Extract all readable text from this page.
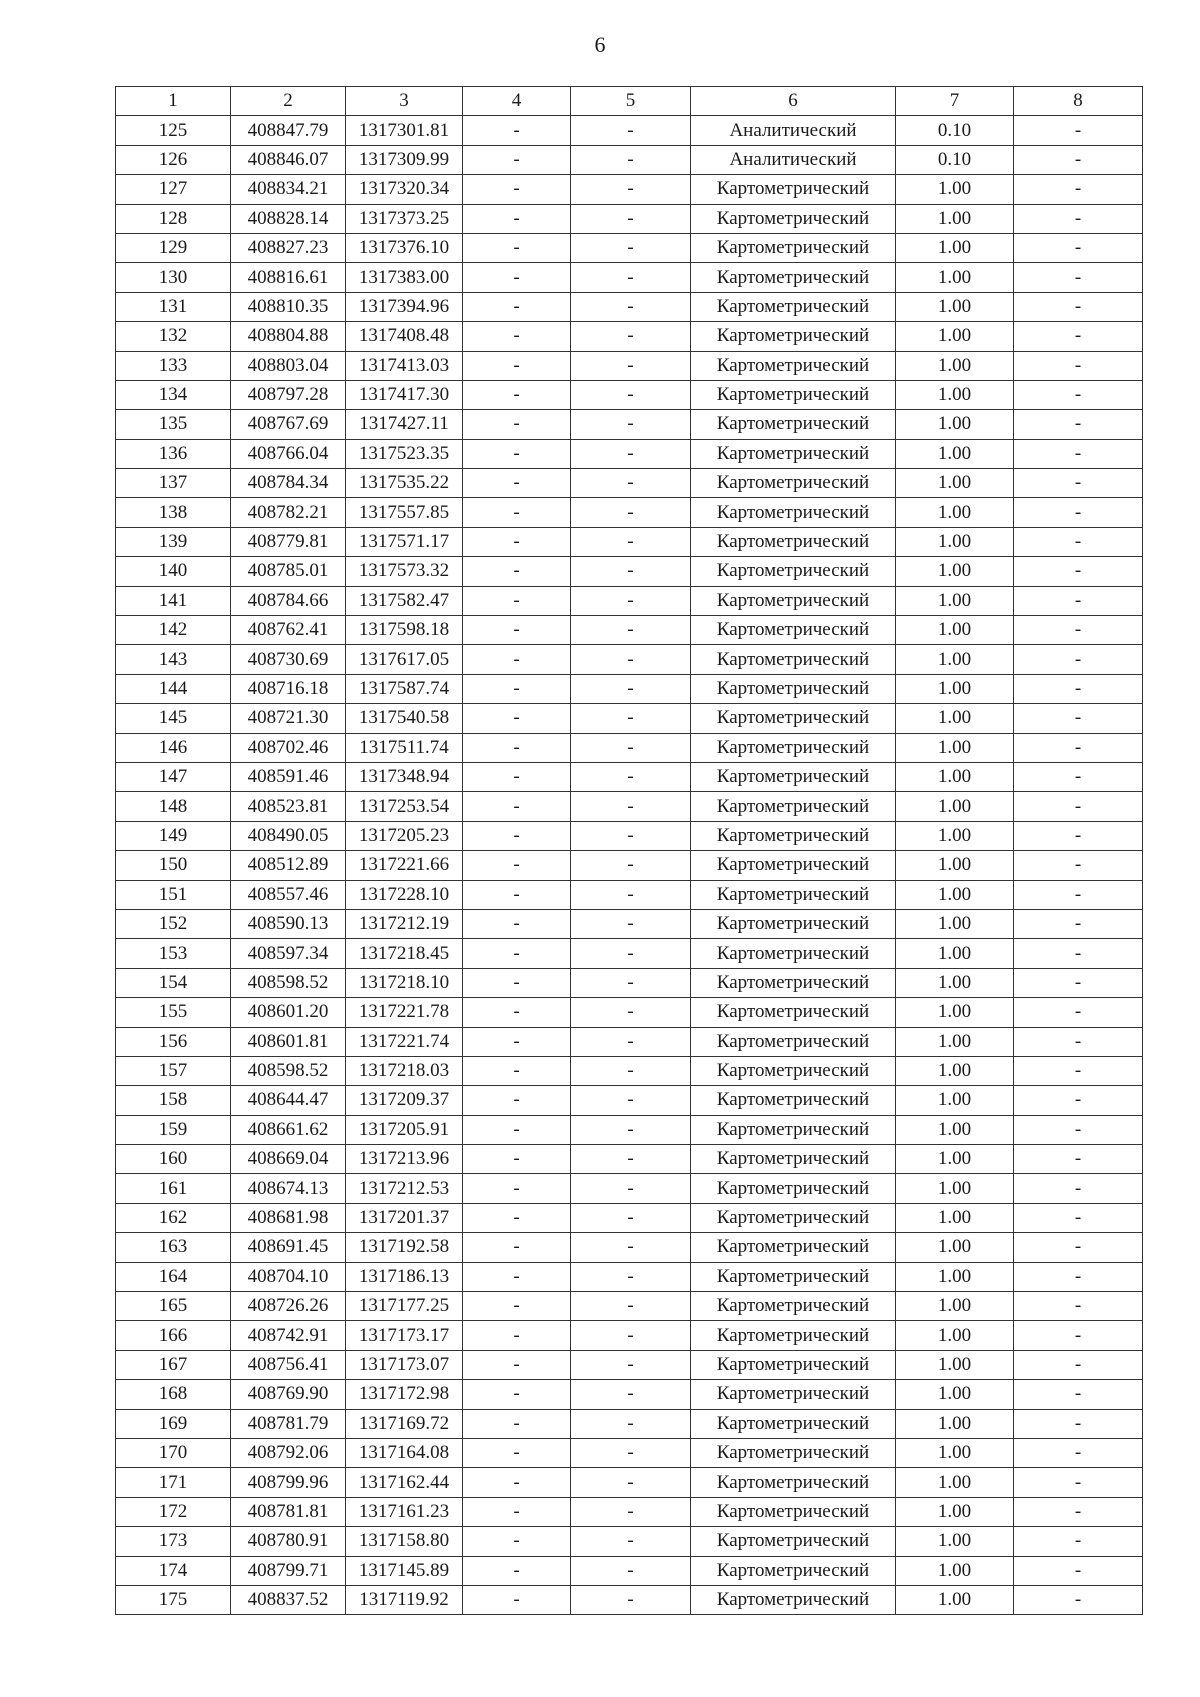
6
1	2	3	4	5	6	7	8
125	408847.79	1317301.81	-	-	Аналитический	0.10	-
126	408846.07	1317309.99	-	-	Аналитический	0.10	-
127	408834.21	1317320.34	-	-	Картометрический	1.00	-
128	408828.14	1317373.25	-	-	Картометрический	1.00	-
129	408827.23	1317376.10	-	-	Картометрический	1.00	-
130	408816.61	1317383.00	-	-	Картометрический	1.00	-
131	408810.35	1317394.96	-	-	Картометрический	1.00	-
132	408804.88	1317408.48	-	-	Картометрический	1.00	-
133	408803.04	1317413.03	-	-	Картометрический	1.00	-
134	408797.28	1317417.30	-	-	Картометрический	1.00	-
135	408767.69	1317427.11	-	-	Картометрический	1.00	-
136	408766.04	1317523.35	-	-	Картометрический	1.00	-
137	408784.34	1317535.22	-	-	Картометрический	1.00	-
138	408782.21	1317557.85	-	-	Картометрический	1.00	-
139	408779.81	1317571.17	-	-	Картометрический	1.00	-
140	408785.01	1317573.32	-	-	Картометрический	1.00	-
141	408784.66	1317582.47	-	-	Картометрический	1.00	-
142	408762.41	1317598.18	-	-	Картометрический	1.00	-
143	408730.69	1317617.05	-	-	Картометрический	1.00	-
144	408716.18	1317587.74	-	-	Картометрический	1.00	-
145	408721.30	1317540.58	-	-	Картометрический	1.00	-
146	408702.46	1317511.74	-	-	Картометрический	1.00	-
147	408591.46	1317348.94	-	-	Картометрический	1.00	-
148	408523.81	1317253.54	-	-	Картометрический	1.00	-
149	408490.05	1317205.23	-	-	Картометрический	1.00	-
150	408512.89	1317221.66	-	-	Картометрический	1.00	-
151	408557.46	1317228.10	-	-	Картометрический	1.00	-
152	408590.13	1317212.19	-	-	Картометрический	1.00	-
153	408597.34	1317218.45	-	-	Картометрический	1.00	-
154	408598.52	1317218.10	-	-	Картометрический	1.00	-
155	408601.20	1317221.78	-	-	Картометрический	1.00	-
156	408601.81	1317221.74	-	-	Картометрический	1.00	-
157	408598.52	1317218.03	-	-	Картометрический	1.00	-
158	408644.47	1317209.37	-	-	Картометрический	1.00	-
159	408661.62	1317205.91	-	-	Картометрический	1.00	-
160	408669.04	1317213.96	-	-	Картометрический	1.00	-
161	408674.13	1317212.53	-	-	Картометрический	1.00	-
162	408681.98	1317201.37	-	-	Картометрический	1.00	-
163	408691.45	1317192.58	-	-	Картометрический	1.00	-
164	408704.10	1317186.13	-	-	Картометрический	1.00	-
165	408726.26	1317177.25	-	-	Картометрический	1.00	-
166	408742.91	1317173.17	-	-	Картометрический	1.00	-
167	408756.41	1317173.07	-	-	Картометрический	1.00	-
168	408769.90	1317172.98	-	-	Картометрический	1.00	-
169	408781.79	1317169.72	-	-	Картометрический	1.00	-
170	408792.06	1317164.08	-	-	Картометрический	1.00	-
171	408799.96	1317162.44	-	-	Картометрический	1.00	-
172	408781.81	1317161.23	-	-	Картометрический	1.00	-
173	408780.91	1317158.80	-	-	Картометрический	1.00	-
174	408799.71	1317145.89	-	-	Картометрический	1.00	-
175	408837.52	1317119.92	-	-	Картометрический	1.00	-
